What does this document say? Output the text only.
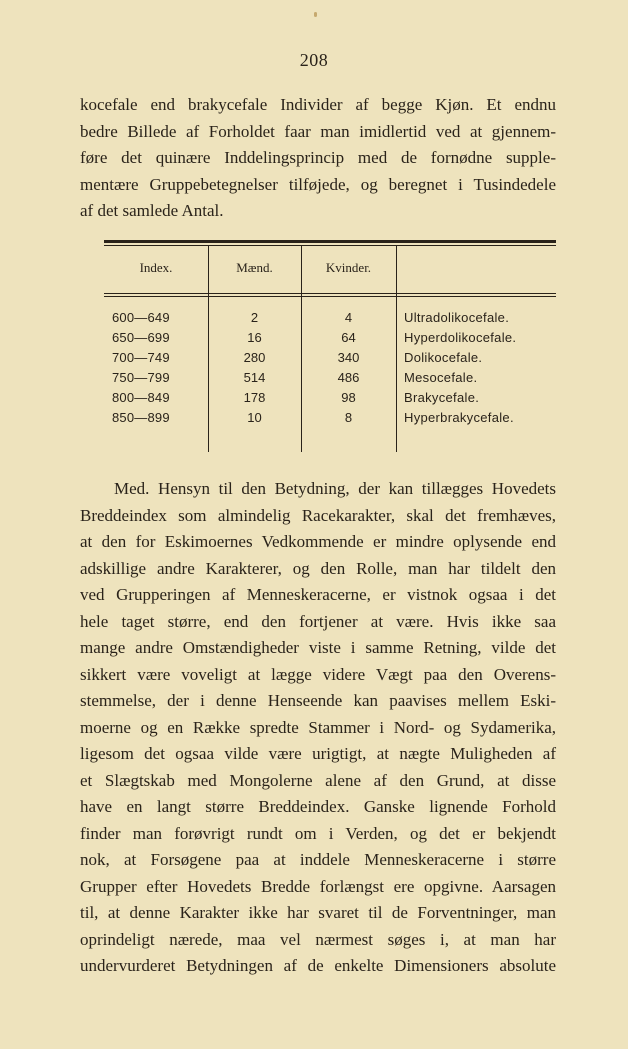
208
kocefale end brakycefale Individer af begge Kjøn. Et endnu
bedre Billede af Forholdet faar man imidlertid ved at gjennem-
føre det quinære Inddelingsprincip med de fornødne supple-
mentære Gruppebetegnelser tilføjede, og beregnet i Tusindedele
af det samlede Antal.
Index.	Mænd.	Kvinder.
600—649	2	4	Ultradolikocefale.
650—699	16	64	Hyperdolikocefale.
700—749	280	340	Dolikocefale.
750—799	514	486	Mesocefale.
800—849	178	98	Brakycefale.
850—899	10	8	Hyperbrakycefale.
Med. Hensyn til den Betydning, der kan tillægges Hovedets
Breddeindex som almindelig Racekarakter, skal det fremhæves,
at den for Eskimoernes Vedkommende er mindre oplysende end
adskillige andre Karakterer, og den Rolle, man har tildelt den
ved Grupperingen af Menneskeracerne, er vistnok ogsaa i det
hele taget større, end den fortjener at være. Hvis ikke saa
mange andre Omstændigheder viste i samme Retning, vilde det
sikkert være voveligt at lægge videre Vægt paa den Overens-
stemmelse, der i denne Henseende kan paavises mellem Eski-
moerne og en Række spredte Stammer i Nord- og Sydamerika,
ligesom det ogsaa vilde være urigtigt, at nægte Muligheden af
et Slægtskab med Mongolerne alene af den Grund, at disse
have en langt større Breddeindex. Ganske lignende Forhold
finder man forøvrigt rundt om i Verden, og det er bekjendt
nok, at Forsøgene paa at inddele Menneskeracerne i større
Grupper efter Hovedets Bredde forlængst ere opgivne. Aarsagen
til, at denne Karakter ikke har svaret til de Forventninger, man
oprindeligt nærede, maa vel nærmest søges i, at man har
undervurderet Betydningen af de enkelte Dimensioners absolute
